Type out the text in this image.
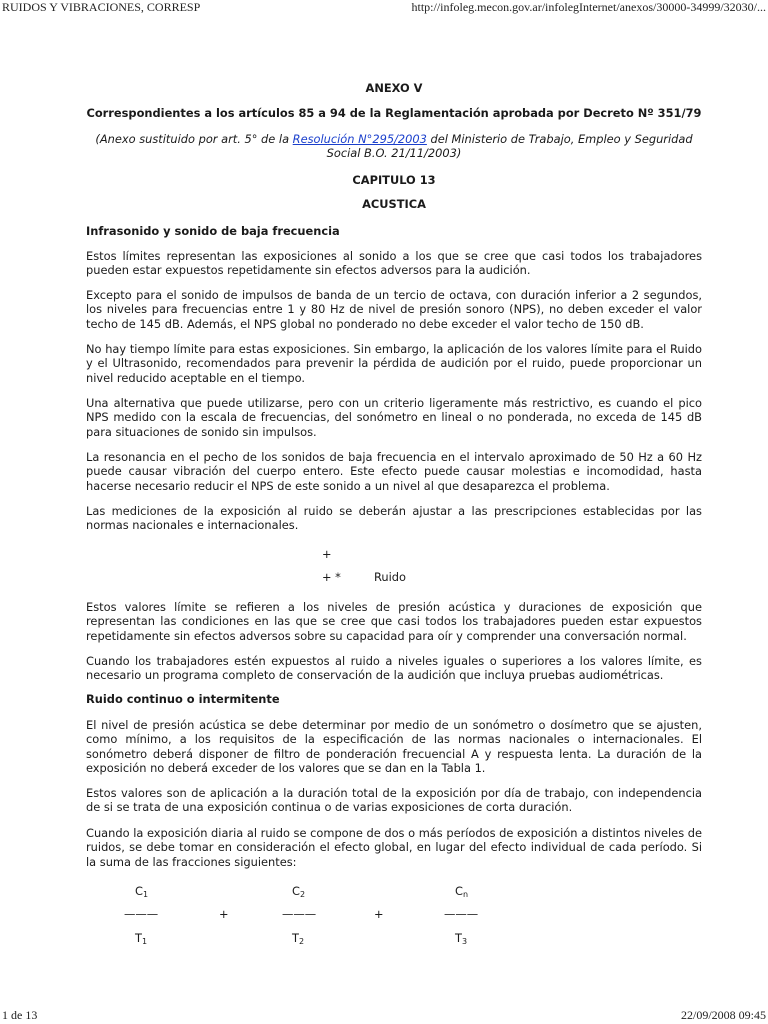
RUIDOS Y VIBRACIONES, CORRESP	http://infoleg.mecon.gov.ar/infolegInternet/anexos/30000-34999/32030/...
ANEXO V
Correspondientes a los artículos 85 a 94 de la Reglamentación aprobada por Decreto Nº 351/79
(Anexo sustituido por art. 5° de la Resolución N°295/2003 del Ministerio de Trabajo, Empleo y Seguridad Social B.O. 21/11/2003)
CAPITULO 13
ACUSTICA
Infrasonido y sonido de baja frecuencia
Estos límites representan las exposiciones al sonido a los que se cree que casi todos los trabajadores pueden estar expuestos repetidamente sin efectos adversos para la audición.
Excepto para el sonido de impulsos de banda de un tercio de octava, con duración inferior a 2 segundos, los niveles para frecuencias entre 1 y 80 Hz de nivel de presión sonoro (NPS), no deben exceder el valor techo de 145 dB. Además, el NPS global no ponderado no debe exceder el valor techo de 150 dB.
No hay tiempo límite para estas exposiciones. Sin embargo, la aplicación de los valores límite para el Ruido y el Ultrasonido, recomendados para prevenir la pérdida de audición por el ruido, puede proporcionar un nivel reducido aceptable en el tiempo.
Una alternativa que puede utilizarse, pero con un criterio ligeramente más restrictivo, es cuando el pico NPS medido con la escala de frecuencias, del sonómetro en lineal o no ponderada, no exceda de 145 dB para situaciones de sonido sin impulsos.
La resonancia en el pecho de los sonidos de baja frecuencia en el intervalo aproximado de 50 Hz a 60 Hz puede causar vibración del cuerpo entero. Este efecto puede causar molestias e incomodidad, hasta hacerse necesario reducir el NPS de este sonido a un nivel al que desaparezca el problema.
Las mediciones de la exposición al ruido se deberán ajustar a las prescripciones establecidas por las normas nacionales e internacionales.
+
+ *	Ruido
Estos valores límite se refieren a los niveles de presión acústica y duraciones de exposición que representan las condiciones en las que se cree que casi todos los trabajadores pueden estar expuestos repetidamente sin efectos adversos sobre su capacidad para oír y comprender una conversación normal.
Cuando los trabajadores estén expuestos al ruido a niveles iguales o superiores a los valores límite, es necesario un programa completo de conservación de la audición que incluya pruebas audiométricas.
Ruido continuo o intermitente
El nivel de presión acústica se debe determinar por medio de un sonómetro o dosímetro que se ajusten, como mínimo, a los requisitos de la especificación de las normas nacionales o internacionales. El sonómetro deberá disponer de filtro de ponderación frecuencial A y respuesta lenta. La duración de la exposición no deberá exceder de los valores que se dan en la Tabla 1.
Estos valores son de aplicación a la duración total de la exposición por día de trabajo, con independencia de si se trata de una exposición continua o de varias exposiciones de corta duración.
Cuando la exposición diaria al ruido se compone de dos o más períodos de exposición a distintos niveles de ruidos, se debe tomar en consideración el efecto global, en lugar del efecto individual de cada período. Si la suma de las fracciones siguientes:
$C_1$
———
$T_1$
+
$C_2$
———
$T_2$
+
$C_n$
———
$T_3$
1 de 13	22/09/2008 09:45
